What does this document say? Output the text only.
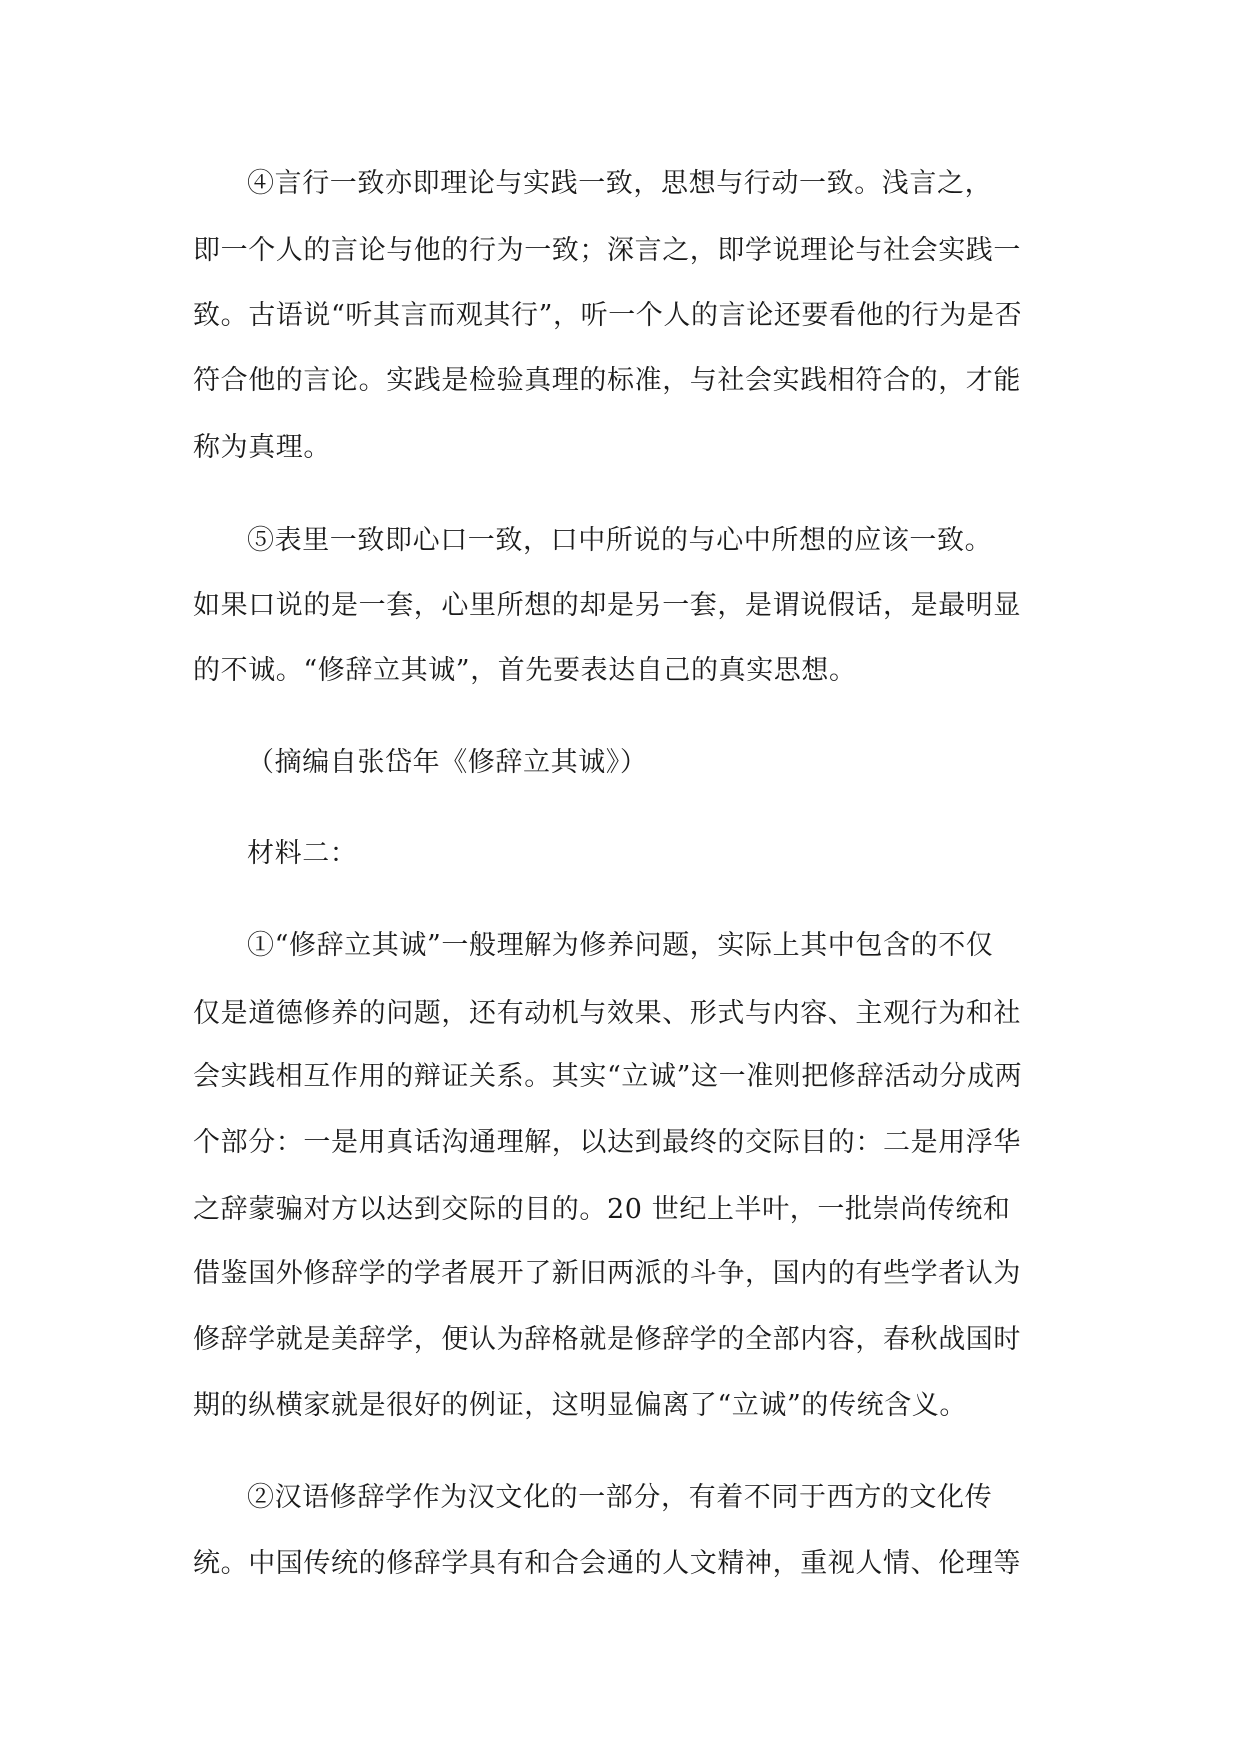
④言行一致亦即理论与实践一致，思想与行动一致。浅言之，

即一个人的言论与他的行为一致；深言之，即学说理论与社会实践一

致。古语说“听其言而观其行”，听一个人的言论还要看他的行为是否

符合他的言论。实践是检验真理的标准，与社会实践相符合的，才能

称为真理。

⑤表里一致即心口一致，口中所说的与心中所想的应该一致。

如果口说的是一套，心里所想的却是另一套，是谓说假话，是最明显

的不诚。“修辞立其诚”，首先要表达自己的真实思想。

（摘编自张岱年《修辞立其诚》）

材料二：

①“修辞立其诚”一般理解为修养问题，实际上其中包含的不仅

仅是道德修养的问题，还有动机与效果、形式与内容、主观行为和社

会实践相互作用的辩证关系。其实“立诚”这一准则把修辞活动分成两

个部分：一是用真话沟通理解，以达到最终的交际目的：二是用浮华

之辞蒙骗对方以达到交际的目的。20 世纪上半叶，一批崇尚传统和

借鉴国外修辞学的学者展开了新旧两派的斗争，国内的有些学者认为

修辞学就是美辞学，便认为辞格就是修辞学的全部内容，春秋战国时

期的纵横家就是很好的例证，这明显偏离了“立诚”的传统含义。

②汉语修辞学作为汉文化的一部分，有着不同于西方的文化传

统。中国传统的修辞学具有和合会通的人文精神，重视人情、伦理等
